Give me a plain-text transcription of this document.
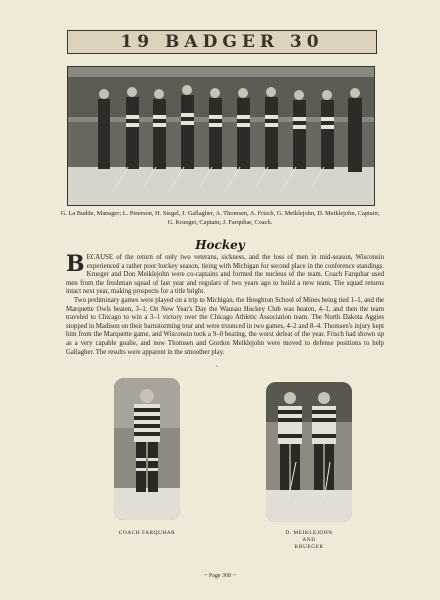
19 BADGER 30
G. La Budde, Manager; L. Peterson, H. Siegel, J. Gallagher, A. Thomsen, A. Frisch, G. Meiklejohn, D. Meiklejohn, Captain; G. Krueger, Captain; J. Farquhar, Coach.
Hockey

BECAUSE of the return of only two veterans, sickness, and the loss of men in mid-season, Wisconsin experienced a rather poor hockey season, tieing with Michigan for second place in the conference standings. Krueger and Don Meiklejohn were co-captains and formed the nucleus of the team. Coach Farquhar used men from the freshman squad of last year and regulars of two years ago to build a new team. The squad returns intact next year, making prospects for a title bright.

Two preliminary games were played on a trip to Michigan, the Houghton School of Mines being tied 1–1, and the Marquette Owls beaten, 3–1. On New Year's Day the Wausau Hockey Club was beaten, 4–1, and then the team traveled to Chicago to win a 3–1 victory over the Chicago Athletic Association team. The North Dakota Aggies stopped in Madison on their barnstorming tour and were trounced in two games, 4–2 and 8–4. Thomsen's injury kept him from the Marquette game, and Wisconsin took a 9–0 beating, the worst defeat of the year. Frisch had shown up as a very capable goalie, and now Thomsen and Gordon Meiklejohn were moved to defense positions to help Gallagher. The results were apparent in the smoother play.

•
COACH FARQUHAR	D. MEIKLEJOHN
AND
KRUEGER
~ Page 368 ~
